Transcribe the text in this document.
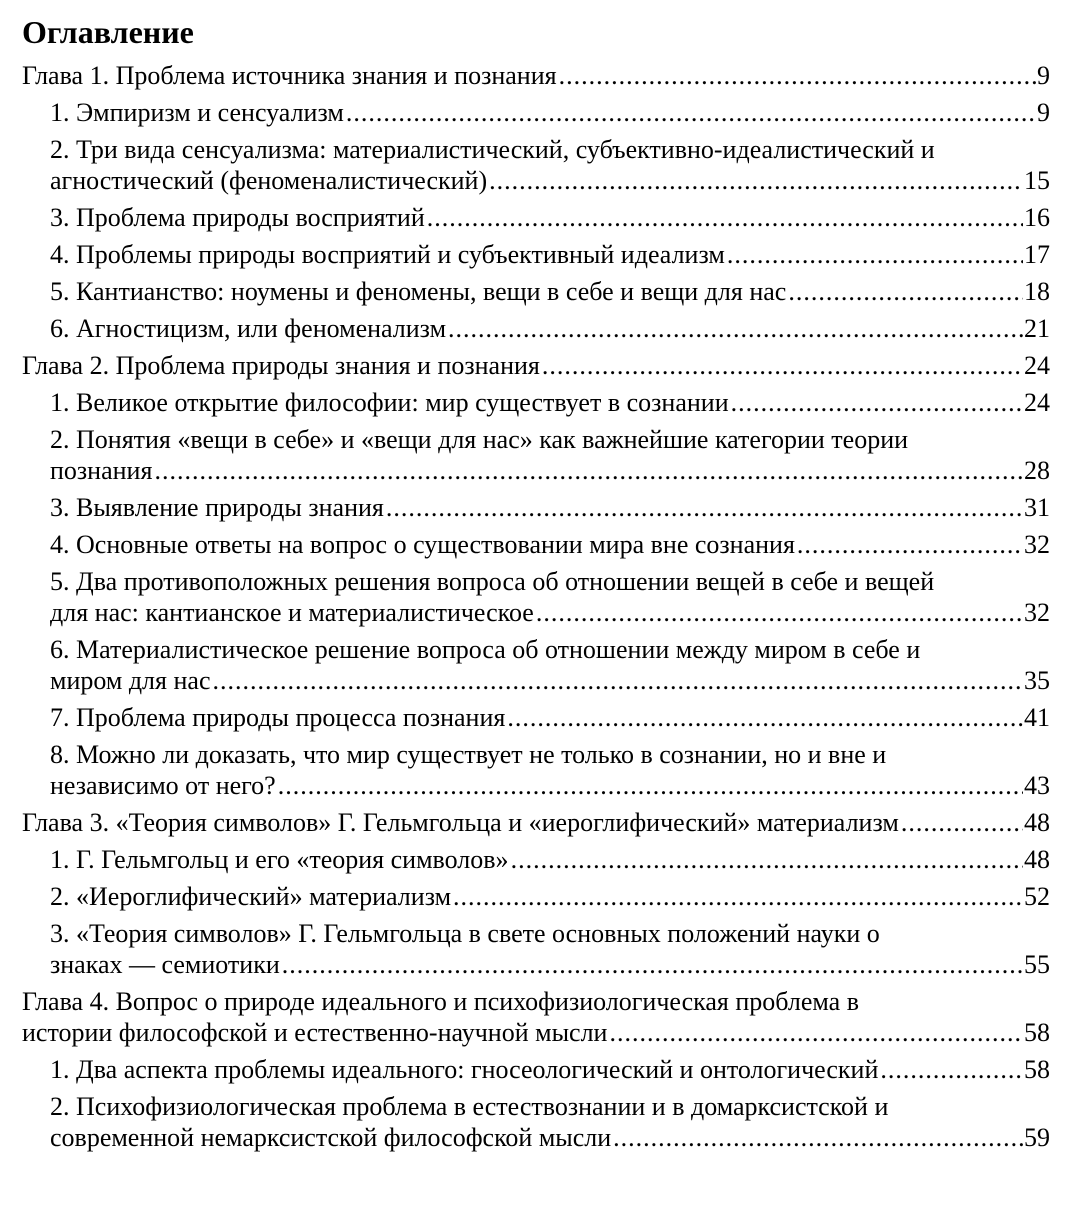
Оглавление
Глава 1. Проблема источника знания и познания .....	9
1. Эмпиризм и сенсуализм .....	9
2. Три вида сенсуализма: материалистический, субъективно-идеалистический и
агностический (феноменалистический) .....	15
3. Проблема природы восприятий .....	16
4. Проблемы природы восприятий и субъективный идеализм .....	17
5. Кантианство: ноумены и феномены, вещи в себе и вещи для нас .....	18
6. Агностицизм, или феноменализм .....	21
Глава 2. Проблема природы знания и познания .....	24
1. Великое открытие философии: мир существует в сознании .....	24
2. Понятия «вещи в себе» и «вещи для нас» как важнейшие категории теории
познания .....	28
3. Выявление природы знания .....	31
4. Основные ответы на вопрос о существовании мира вне сознания .....	32
5. Два противоположных решения вопроса об отношении вещей в себе и вещей
для нас: кантианское и материалистическое .....	32
6. Материалистическое решение вопроса об отношении между миром в себе и
миром для нас .....	35
7. Проблема природы процесса познания .....	41
8. Можно ли доказать, что мир существует не только в сознании, но и вне и
независимо от него? .....	43
Глава 3. «Теория символов» Г. Гельмгольца и «иероглифический» материализм .....	48
1. Г. Гельмгольц и его «теория символов» .....	48
2. «Иероглифический» материализм .....	52
3. «Теория символов» Г. Гельмгольца в свете основных положений науки о
знаках — семиотики .....	55
Глава 4. Вопрос о природе идеального и психофизиологическая проблема в
истории философской и естественно-научной мысли .....	58
1. Два аспекта проблемы идеального: гносеологический и онтологический .....	58
2. Психофизиологическая проблема в естествознании и в домарксистской и
современной немарксистской философской мысли .....	59
